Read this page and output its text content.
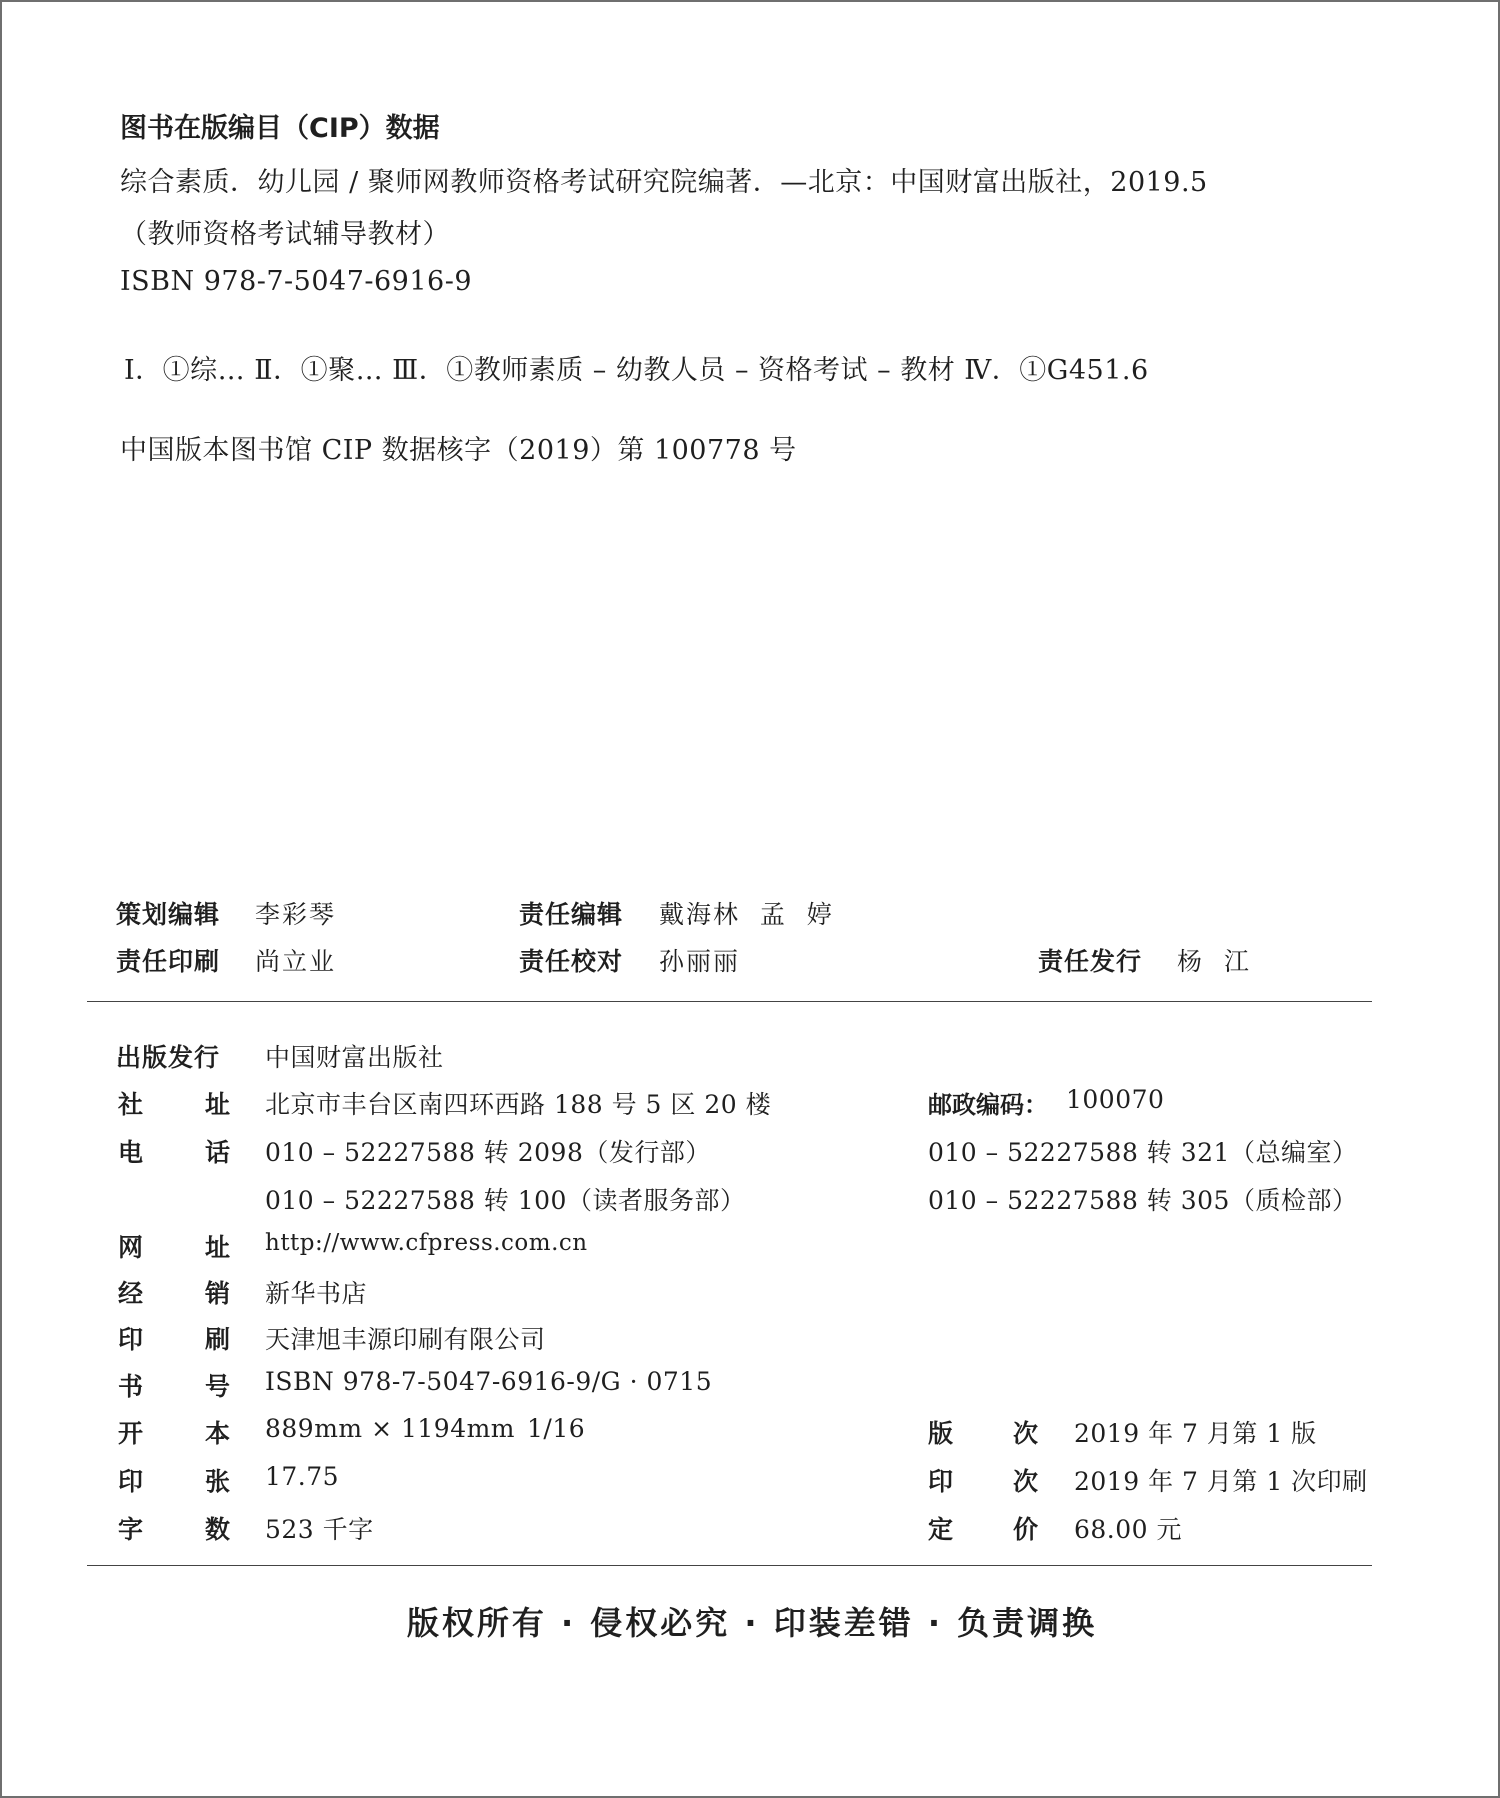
图书在版编目（CIP）数据
综合素质．幼儿园 / 聚师网教师资格考试研究院编著．—北京：中国财富出版社，2019.5
（教师资格考试辅导教材）
ISBN 978-7-5047-6916-9
Ⅰ．①综… Ⅱ．①聚… Ⅲ．①教师素质 – 幼教人员 – 资格考试 – 教材 Ⅳ．①G451.6
中国版本图书馆 CIP 数据核字（2019）第 100778 号
策划编辑 李彩琴	责任编辑 戴海林  孟  婷
责任印刷 尚立业	责任校对 孙丽丽	责任发行 杨  江
出版发行 中国财富出版社
社 址 北京市丰台区南四环西路 188 号 5 区 20 楼	邮政编码： 100070
电 话 010 – 52227588 转 2098（发行部）	010 – 52227588 转 321（总编室）
010 – 52227588 转 100（读者服务部）	010 – 52227588 转 305（质检部）
网 址 http://www.cfpress.com.cn
经 销 新华书店
印 刷 天津旭丰源印刷有限公司
书 号 ISBN 978-7-5047-6916-9/G · 0715
开 本 889mm × 1194mm 1/16	版 次 2019 年 7 月第 1 版
印 张 17.75	印 次 2019 年 7 月第 1 次印刷
字 数 523 千字	定 价 68.00 元
版权所有 · 侵权必究 · 印装差错 · 负责调换
